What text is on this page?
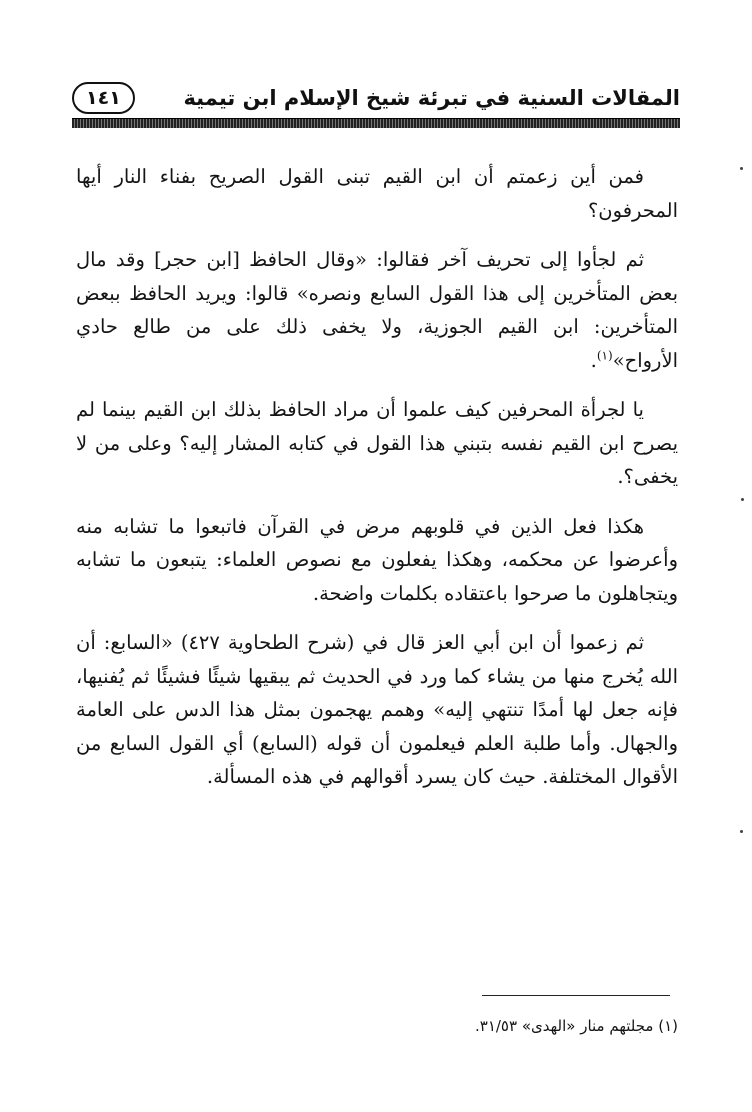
المقالات السنية في تبرئة شيخ الإسلام ابن تيمية
١٤١

فمن أين زعمتم أن ابن القيم تبنى القول الصريح بفناء النار أيها المحرفون؟

ثم لجأوا إلى تحريف آخر فقالوا: «وقال الحافظ [ابن حجر] وقد مال بعض المتأخرين إلى هذا القول السابع ونصره» قالوا: ويريد الحافظ ببعض المتأخرين: ابن القيم الجوزية، ولا يخفى ذلك على من طالع حادي الأرواح»$^{(١)}$.

يا لجرأة المحرفين كيف علموا أن مراد الحافظ بذلك ابن القيم بينما لم يصرح ابن القيم نفسه بتبني هذا القول في كتابه المشار إليه؟ وعلى من لا يخفى؟.

هكذا فعل الذين في قلوبهم مرض في القرآن فاتبعوا ما تشابه منه وأعرضوا عن محكمه، وهكذا يفعلون مع نصوص العلماء: يتبعون ما تشابه ويتجاهلون ما صرحوا باعتقاده بكلمات واضحة.

ثم زعموا أن ابن أبي العز قال في (شرح الطحاوية ٤٢٧) «السابع: أن الله يُخرج منها من يشاء كما ورد في الحديث ثم يبقيها شيئًا فشيئًا ثم يُفنيها، فإنه جعل لها أمدًا تنتهي إليه» وهمم يهجمون بمثل هذا الدس على العامة والجهال. وأما طلبة العلم فيعلمون أن قوله (السابع) أي القول السابع من الأقوال المختلفة. حيث كان يسرد أقوالهم في هذه المسألة.

(١) مجلتهم منار «الهدى» ٣١/٥٣.
